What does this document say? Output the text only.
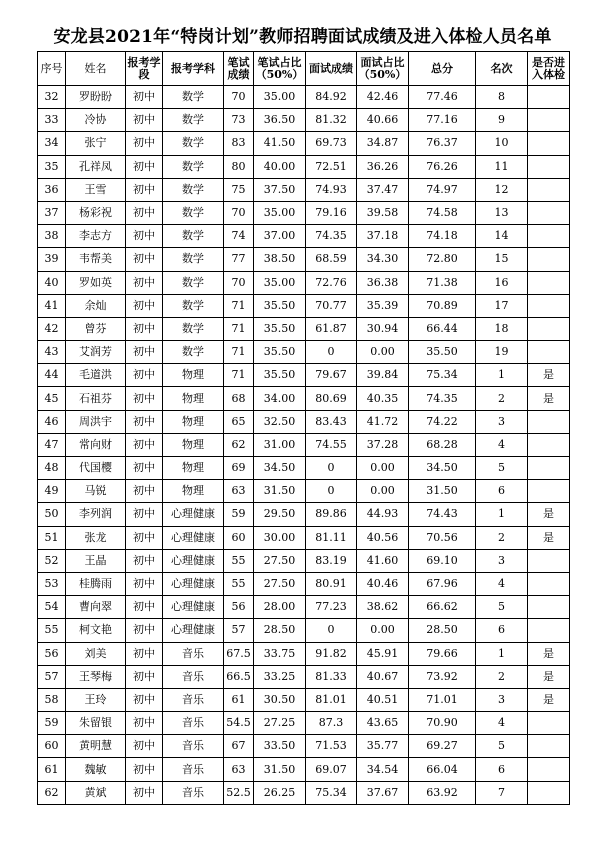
安龙县2021年“特岗计划”教师招聘面试成绩及进入体检人员名单
序号	姓名	报考学段	报考学科	笔试成绩	笔试占比（50%）	面试成绩	面试占比（50%）	总分	名次	是否进入体检
32	罗盼盼	初中	数学	70	35.00	84.92	42.46	77.46	8	
33	冷协	初中	数学	73	36.50	81.32	40.66	77.16	9	
34	张宁	初中	数学	83	41.50	69.73	34.87	76.37	10	
35	孔祥凤	初中	数学	80	40.00	72.51	36.26	76.26	11	
36	王雪	初中	数学	75	37.50	74.93	37.47	74.97	12	
37	杨彩祝	初中	数学	70	35.00	79.16	39.58	74.58	13	
38	李志方	初中	数学	74	37.00	74.35	37.18	74.18	14	
39	韦帮美	初中	数学	77	38.50	68.59	34.30	72.80	15	
40	罗如英	初中	数学	70	35.00	72.76	36.38	71.38	16	
41	余灿	初中	数学	71	35.50	70.77	35.39	70.89	17	
42	曾芬	初中	数学	71	35.50	61.87	30.94	66.44	18	
43	艾润芳	初中	数学	71	35.50	0	0.00	35.50	19	
44	毛道洪	初中	物理	71	35.50	79.67	39.84	75.34	1	是
45	石祖芬	初中	物理	68	34.00	80.69	40.35	74.35	2	是
46	周洪宇	初中	物理	65	32.50	83.43	41.72	74.22	3	
47	常向财	初中	物理	62	31.00	74.55	37.28	68.28	4	
48	代国樱	初中	物理	69	34.50	0	0.00	34.50	5	
49	马锐	初中	物理	63	31.50	0	0.00	31.50	6	
50	李列润	初中	心理健康	59	29.50	89.86	44.93	74.43	1	是
51	张龙	初中	心理健康	60	30.00	81.11	40.56	70.56	2	是
52	王晶	初中	心理健康	55	27.50	83.19	41.60	69.10	3	
53	桂腾雨	初中	心理健康	55	27.50	80.91	40.46	67.96	4	
54	曹向翠	初中	心理健康	56	28.00	77.23	38.62	66.62	5	
55	柯文艳	初中	心理健康	57	28.50	0	0.00	28.50	6	
56	刘美	初中	音乐	67.5	33.75	91.82	45.91	79.66	1	是
57	王琴梅	初中	音乐	66.5	33.25	81.33	40.67	73.92	2	是
58	王玲	初中	音乐	61	30.50	81.01	40.51	71.01	3	是
59	朱留银	初中	音乐	54.5	27.25	87.3	43.65	70.90	4	
60	黄明慧	初中	音乐	67	33.50	71.53	35.77	69.27	5	
61	魏敏	初中	音乐	63	31.50	69.07	34.54	66.04	6	
62	黄斌	初中	音乐	52.5	26.25	75.34	37.67	63.92	7	
